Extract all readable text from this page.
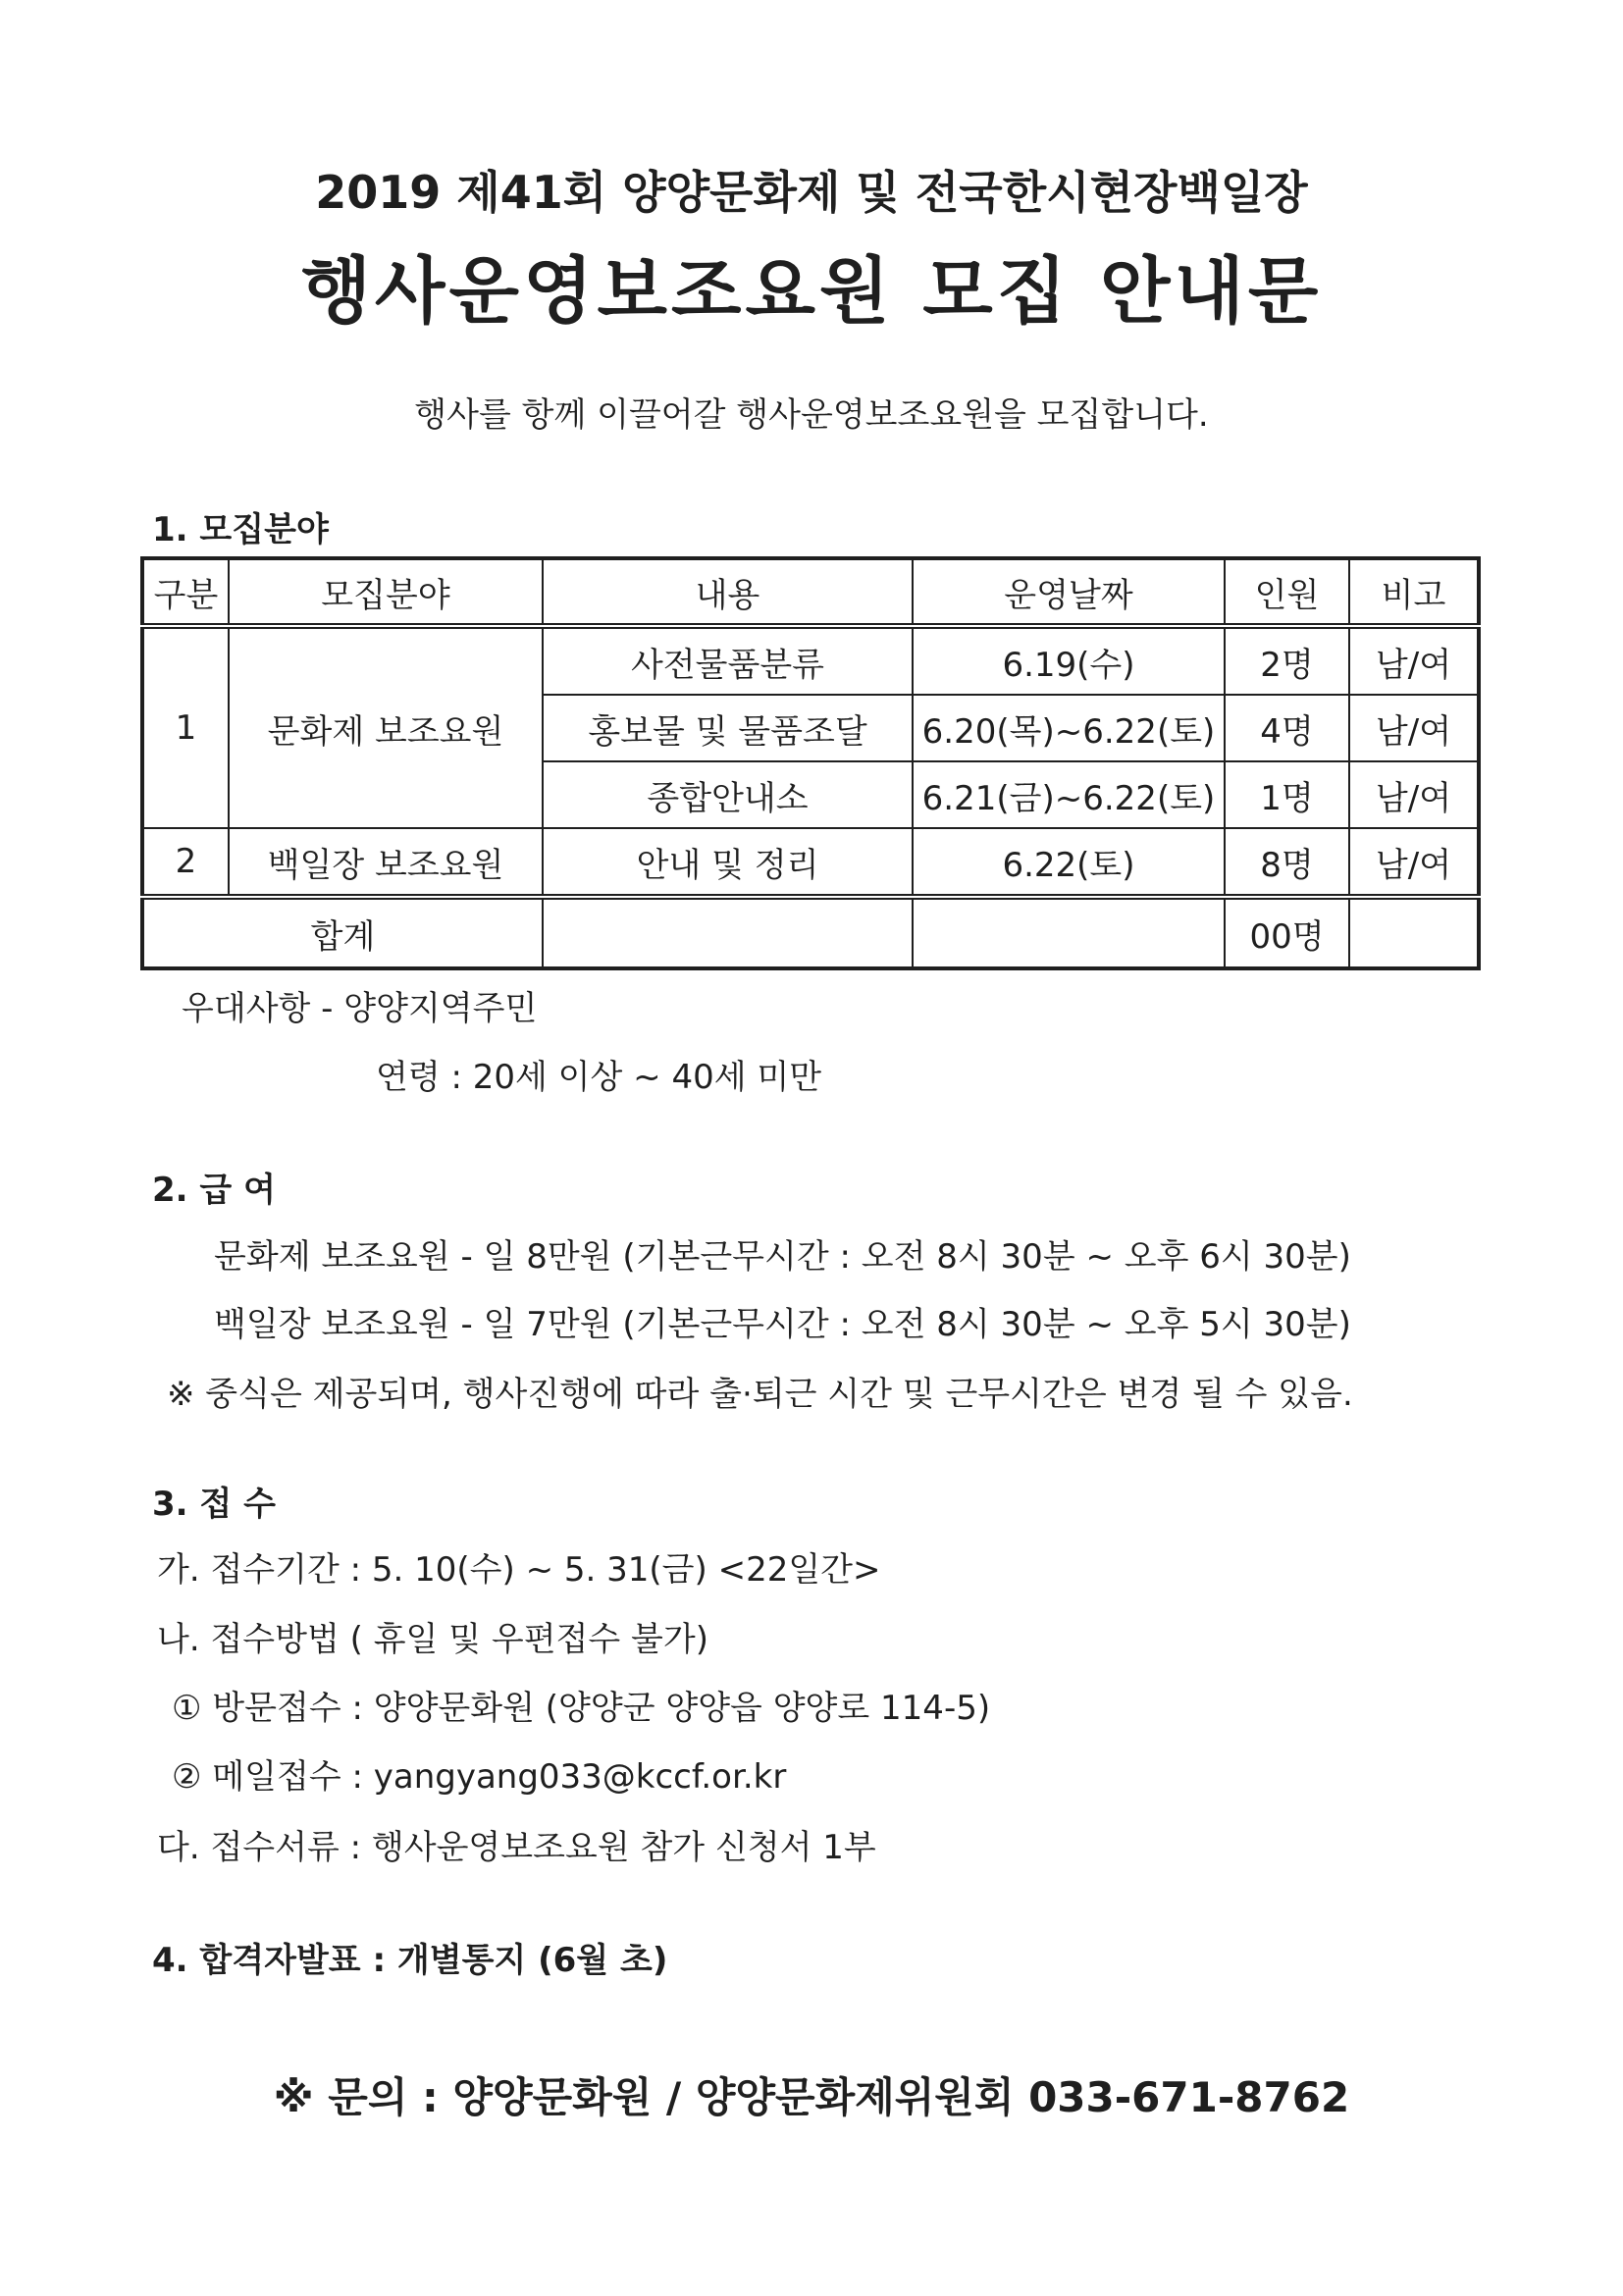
2019 제41회 양양문화제 및 전국한시현장백일장
행사운영보조요원 모집 안내문
행사를 항께 이끌어갈 행사운영보조요원을 모집합니다.
1. 모집분야
구분	모집분야	내용	운영날짜	인원	비고
1	문화제 보조요원	사전물품분류	6.19(수)	2명	남/여
		홍보물 및 물품조달	6.20(목)~6.22(토)	4명	남/여
		종합안내소	6.21(금)~6.22(토)	1명	남/여
2	백일장 보조요원	안내 및 정리	6.22(토)	8명	남/여
합계				00명	
우대사항 - 양양지역주민
연령 : 20세 이상 ~ 40세 미만
2. 급 여
문화제 보조요원 - 일 8만원 (기본근무시간 : 오전 8시 30분 ~ 오후 6시 30분)
백일장 보조요원 - 일 7만원 (기본근무시간 : 오전 8시 30분 ~ 오후 5시 30분)
※ 중식은 제공되며, 행사진행에 따라 출·퇴근 시간 및 근무시간은 변경 될 수 있음.
3. 접 수
가. 접수기간 : 5. 10(수) ~ 5. 31(금) <22일간>
나. 접수방법 ( 휴일 및 우편접수 불가)
① 방문접수 : 양양문화원 (양양군 양양읍 양양로 114-5)
② 메일접수 : yangyang033@kccf.or.kr
다. 접수서류 : 행사운영보조요원 참가 신청서 1부
4. 합격자발표 : 개별통지 (6월 초)
※ 문의 : 양양문화원 / 양양문화제위원회 033-671-8762
